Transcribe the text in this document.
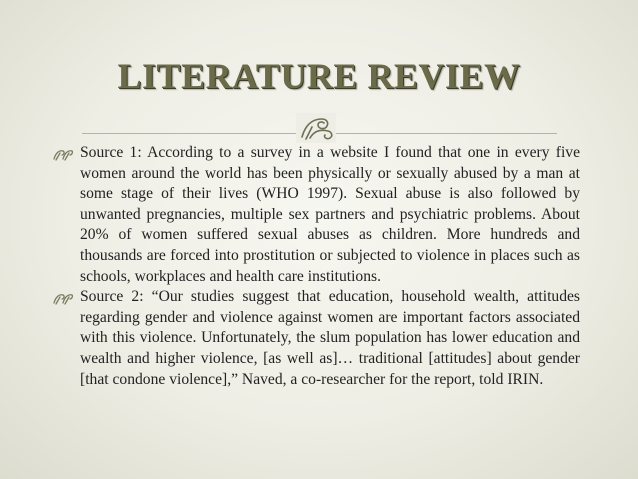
LITERATURE REVIEW
Source 1: According to a survey in a website I found that one in every five women around the world has been physically or sexually abused by a man at some stage of their lives (WHO 1997). Sexual abuse is also followed by unwanted pregnancies, multiple sex partners and psychiatric problems. About 20% of women suffered sexual abuses as children. More hundreds and thousands are forced into prostitution or subjected to violence in places such as schools, workplaces and health care institutions.
Source 2: “Our studies suggest that education, household wealth, attitudes regarding gender and violence against women are important factors associated with this violence. Unfortunately, the slum population has lower education and wealth and higher violence, [as well as]… traditional [attitudes] about gender [that condone violence],” Naved, a co-researcher for the report, told IRIN.
